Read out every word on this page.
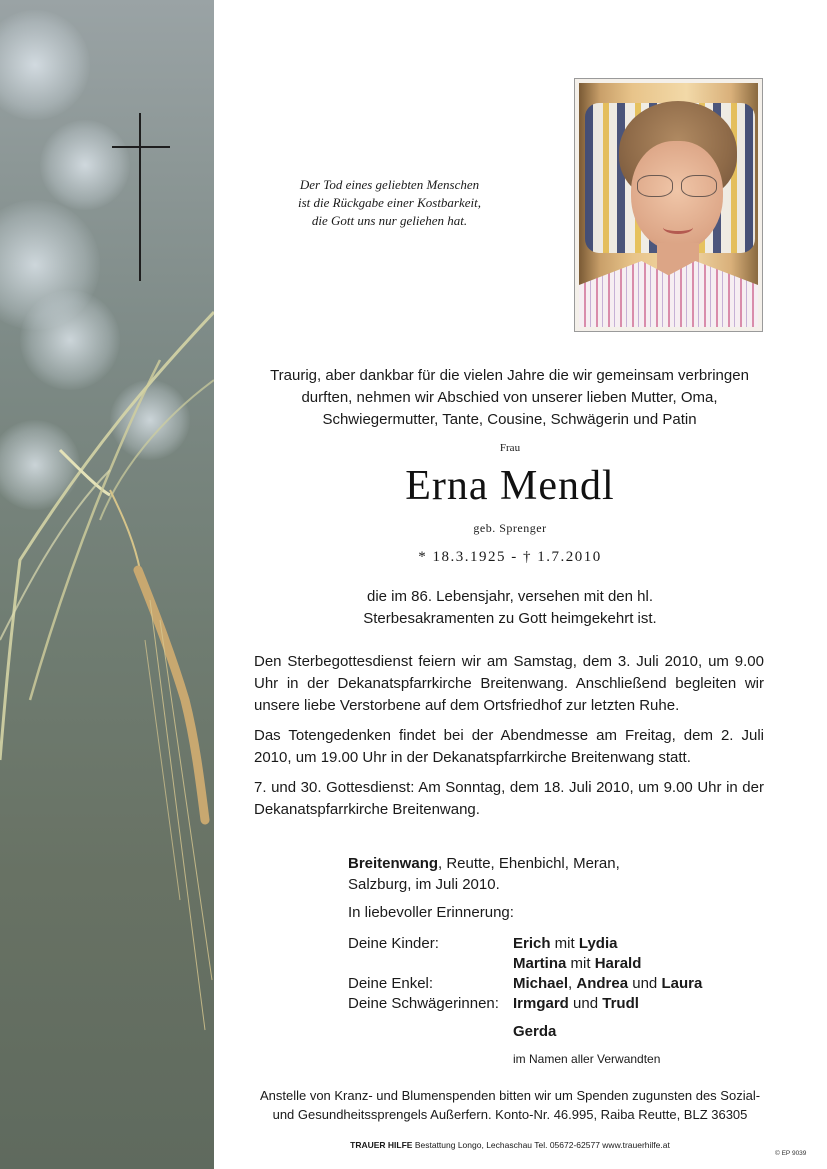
Der Tod eines geliebten Menschen
ist die Rückgabe einer Kostbarkeit,
die Gott uns nur geliehen hat.
Traurig, aber dankbar für die vielen Jahre die wir gemeinsam verbringen
durften, nehmen wir Abschied von unserer lieben Mutter, Oma,
Schwiegermutter, Tante, Cousine, Schwägerin und Patin
Frau
Erna Mendl
geb. Sprenger
* 18.3.1925 - † 1.7.2010
die im 86. Lebensjahr, versehen mit den hl.
Sterbesakramenten zu Gott heimgekehrt ist.

Den Sterbegottesdienst feiern wir am Samstag, dem 3. Juli 2010, um 9.00 Uhr in der Dekanatspfarrkirche Breitenwang. Anschließend begleiten wir unsere liebe Verstorbene auf dem Ortsfriedhof zur letzten Ruhe.

Das Totengedenken findet bei der Abendmesse am Freitag, dem 2. Juli 2010, um 19.00 Uhr in der Dekanatspfarrkirche Breitenwang statt.

7. und 30. Gottesdienst: Am Sonntag, dem 18. Juli 2010, um 9.00 Uhr in der Dekanatspfarrkirche Breitenwang.

Breitenwang, Reutte, Ehenbichl, Meran,
Salzburg, im Juli 2010.
In liebevoller Erinnerung:
Deine Kinder:	Erich mit Lydia
Martina mit Harald
Deine Enkel:	Michael, Andrea und Laura
Deine Schwägerinnen: Irmgard und Trudl
Gerda
im Namen aller Verwandten
Anstelle von Kranz- und Blumenspenden bitten wir um Spenden zugunsten des Sozial-
und Gesundheitssprengels Außerfern. Konto-Nr. 46.995, Raiba Reutte, BLZ 36305
TRAUER HILFE Bestattung Longo, Lechaschau Tel. 05672-62577 www.trauerhilfe.at
© EP 9039
